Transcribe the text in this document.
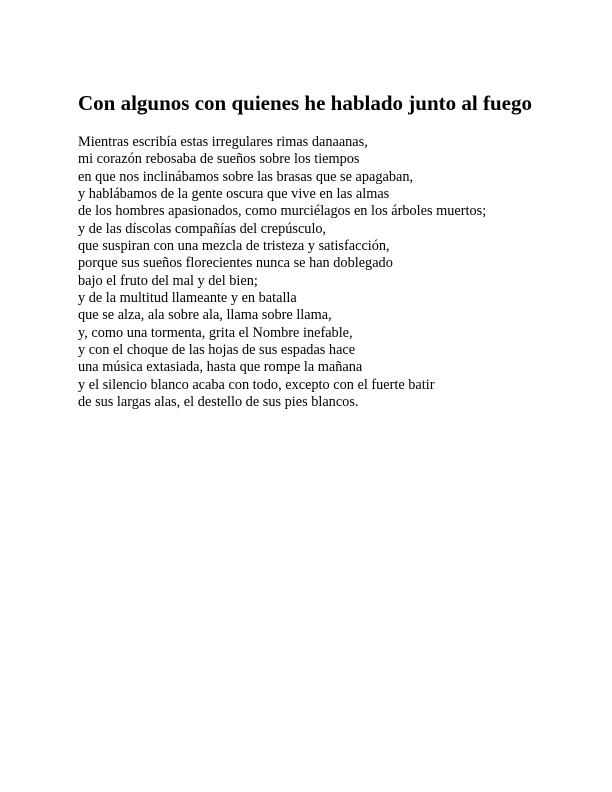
Con algunos con quienes he hablado junto al fuego
Mientras escribía estas irregulares rimas danaanas,
mi corazón rebosaba de sueños sobre los tiempos
en que nos inclinábamos sobre las brasas que se apagaban,
y hablábamos de la gente oscura que vive en las almas
de los hombres apasionados, como murciélagos en los árboles muertos;
y de las díscolas compañías del crepúsculo,
que suspiran con una mezcla de tristeza y satisfacción,
porque sus sueños florecientes nunca se han doblegado
bajo el fruto del mal y del bien;
y de la multitud llameante y en batalla
que se alza, ala sobre ala, llama sobre llama,
y, como una tormenta, grita el Nombre inefable,
y con el choque de las hojas de sus espadas hace
una música extasiada, hasta que rompe la mañana
y el silencio blanco acaba con todo, excepto con el fuerte batir
de sus largas alas, el destello de sus pies blancos.
